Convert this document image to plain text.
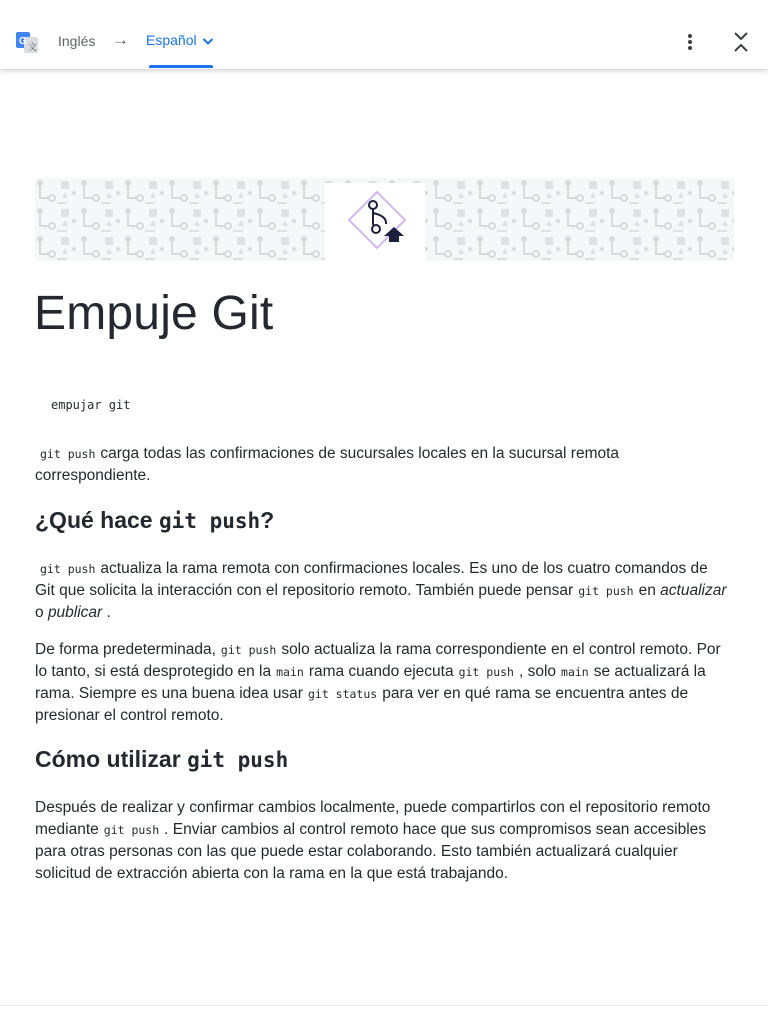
G
文 Inglés → Español
Empuje Git
empujar git

git push carga todas las confirmaciones de sucursales locales en la sucursal remota correspondiente.

¿Qué hace git push?

git push actualiza la rama remota con confirmaciones locales. Es uno de los cuatro comandos de Git que solicita la interacción con el repositorio remoto. También puede pensar git push en actualizar o publicar .

De forma predeterminada, git push solo actualiza la rama correspondiente en el control remoto. Por lo tanto, si está desprotegido en la main rama cuando ejecuta git push , solo main se actualizará la rama. Siempre es una buena idea usar git status para ver en qué rama se encuentra antes de presionar el control remoto.

Cómo utilizar git push

Después de realizar y confirmar cambios localmente, puede compartirlos con el repositorio remoto mediante git push . Enviar cambios al control remoto hace que sus compromisos sean accesibles para otras personas con las que puede estar colaborando. Esto también actualizará cualquier solicitud de extracción abierta con la rama en la que está trabajando.
